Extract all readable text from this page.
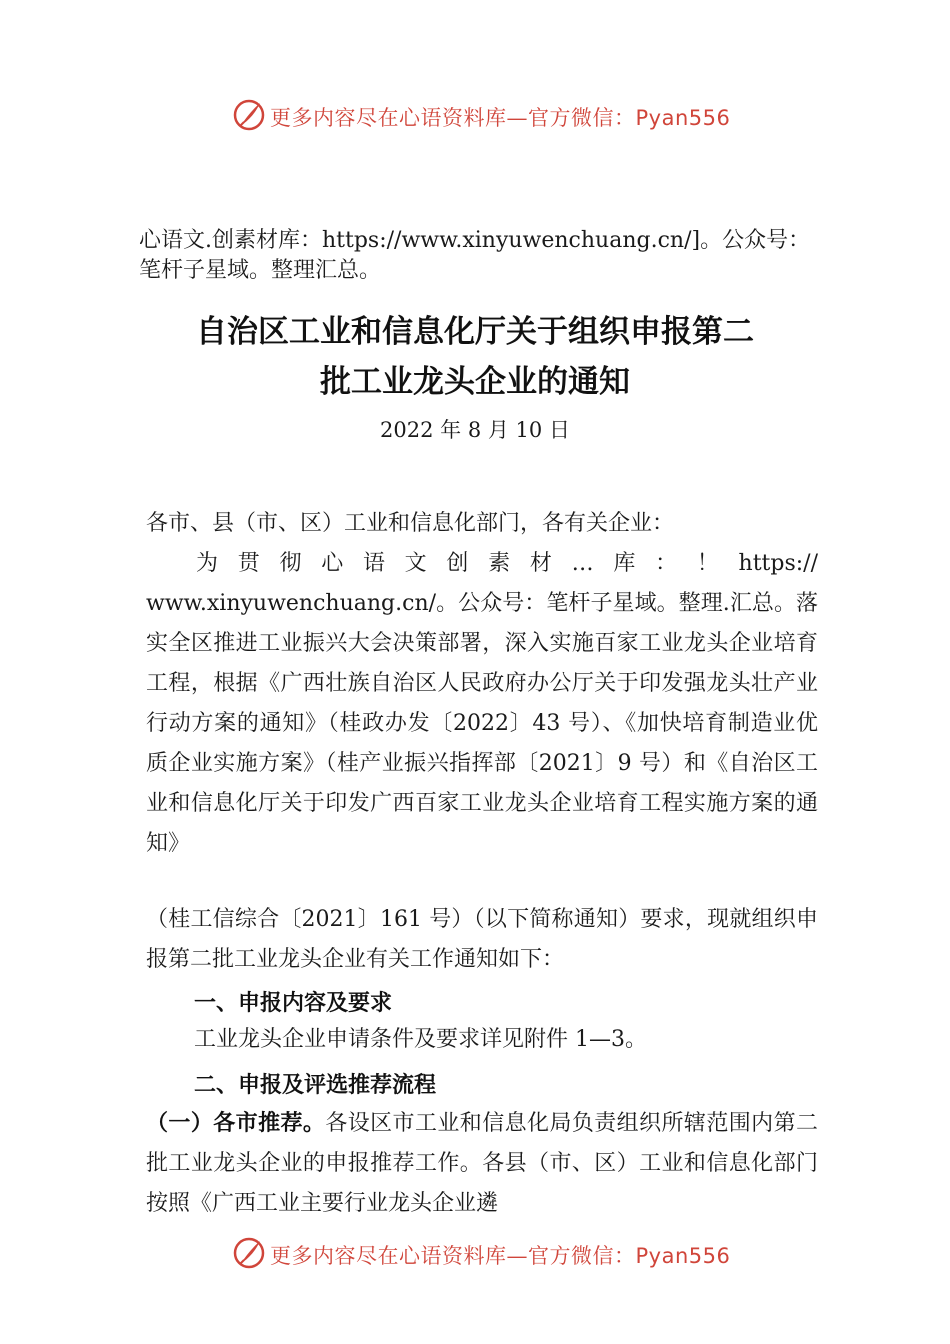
更多内容尽在心语资料库—官方微信：Pyan556
心语文.创素材库：https://www.xinyuwenchuang.cn/]。公众号：笔杆子星域。整理汇总。
自治区工业和信息化厅关于组织申报第二
批工业龙头企业的通知
2022 年 8 月 10 日
各市、县（市、区）工业和信息化部门，各有关企业：
为 贯 彻 心 语 文 创 素 材 … 库 ： ！ https://
www.xinyuwenchuang.cn/。公众号：笔杆子星域。整理.汇总。落实全区推进工业振兴大会决策部署，深入实施百家工业龙头企业培育工程，根据《广西壮族自治区人民政府办公厅关于印发强龙头壮产业行动方案的通知》（桂政办发〔2022〕43 号）、《加快培育制造业优质企业实施方案》（桂产业振兴指挥部〔2021〕9 号）和《自治区工业和信息化厅关于印发广西百家工业龙头企业培育工程实施方案的通知》
（桂工信综合〔2021〕161 号）（以下简称通知）要求，现就组织申报第二批工业龙头企业有关工作通知如下：
一、申报内容及要求
工业龙头企业申请条件及要求详见附件 1—3。
二、申报及评选推荐流程
（一）各市推荐。各设区市工业和信息化局负责组织所辖范围内第二批工业龙头企业的申报推荐工作。各县（市、区）工业和信息化部门按照《广西工业主要行业龙头企业遴
更多内容尽在心语资料库—官方微信：Pyan556
